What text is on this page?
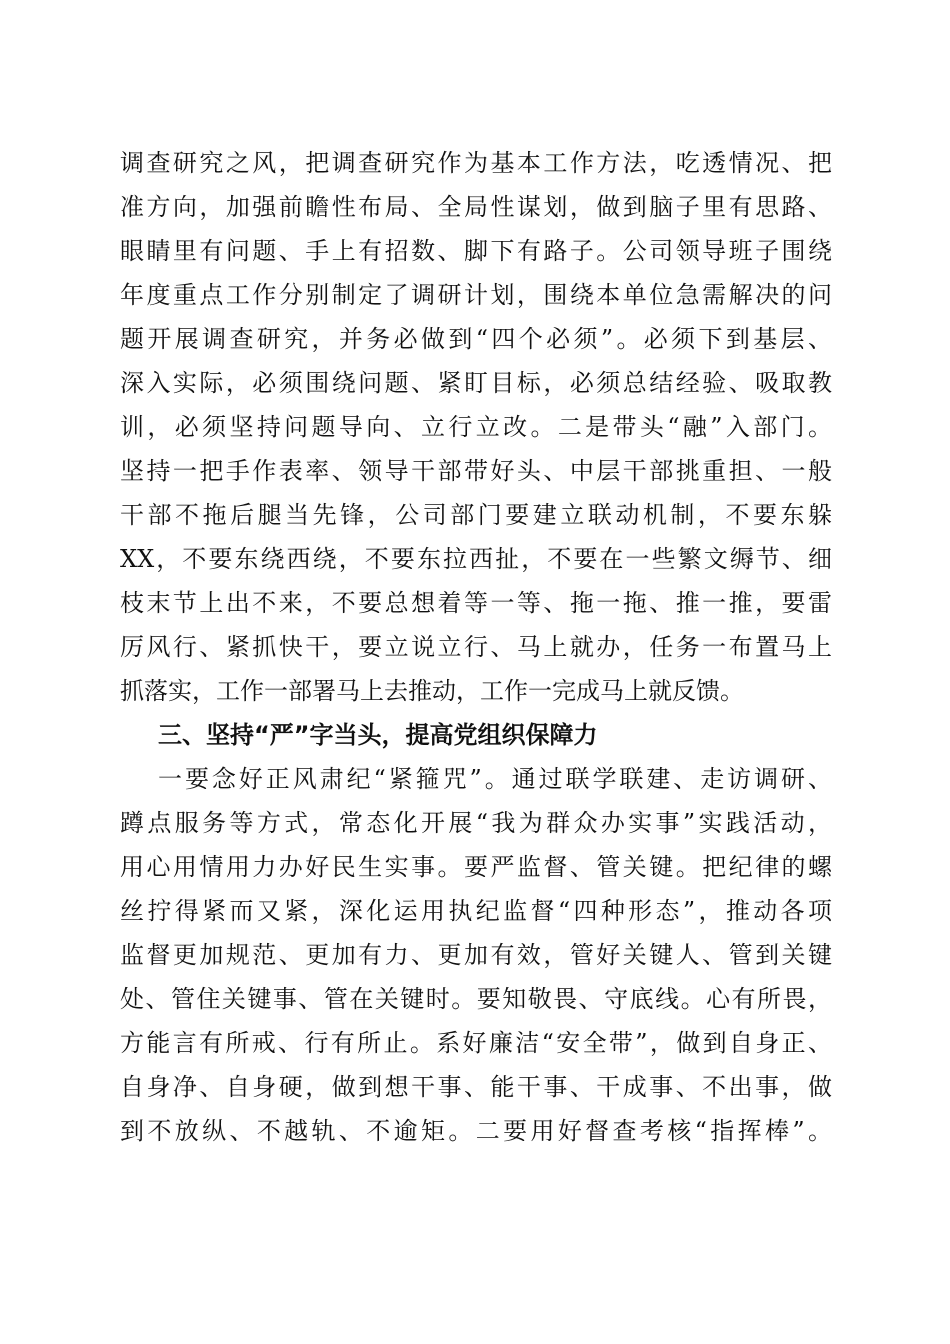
调查研究之风，把调查研究作为基本工作方法，吃透情况、把
准方向，加强前瞻性布局、全局性谋划，做到脑子里有思路、
眼睛里有问题、手上有招数、脚下有路子。公司领导班子围绕
年度重点工作分别制定了调研计划，围绕本单位急需解决的问
题开展调查研究，并务必做到“四个必须”。必须下到基层、
深入实际，必须围绕问题、紧盯目标，必须总结经验、吸取教
训，必须坚持问题导向、立行立改。二是带头“融”入部门。
坚持一把手作表率、领导干部带好头、中层干部挑重担、一般
干部不拖后腿当先锋，公司部门要建立联动机制，不要东躲
XX，不要东绕西绕，不要东拉西扯，不要在一些繁文缛节、细
枝末节上出不来，不要总想着等一等、拖一拖、推一推，要雷
厉风行、紧抓快干，要立说立行、马上就办，任务一布置马上
抓落实，工作一部署马上去推动，工作一完成马上就反馈。
三、坚持“严”字当头，提高党组织保障力
一要念好正风肃纪“紧箍咒”。通过联学联建、走访调研、
蹲点服务等方式，常态化开展“我为群众办实事”实践活动，
用心用情用力办好民生实事。要严监督、管关键。把纪律的螺
丝拧得紧而又紧，深化运用执纪监督“四种形态”，推动各项
监督更加规范、更加有力、更加有效，管好关键人、管到关键
处、管住关键事、管在关键时。要知敬畏、守底线。心有所畏，
方能言有所戒、行有所止。系好廉洁“安全带”，做到自身正、
自身净、自身硬，做到想干事、能干事、干成事、不出事，做
到不放纵、不越轨、不逾矩。二要用好督查考核“指挥棒”。
